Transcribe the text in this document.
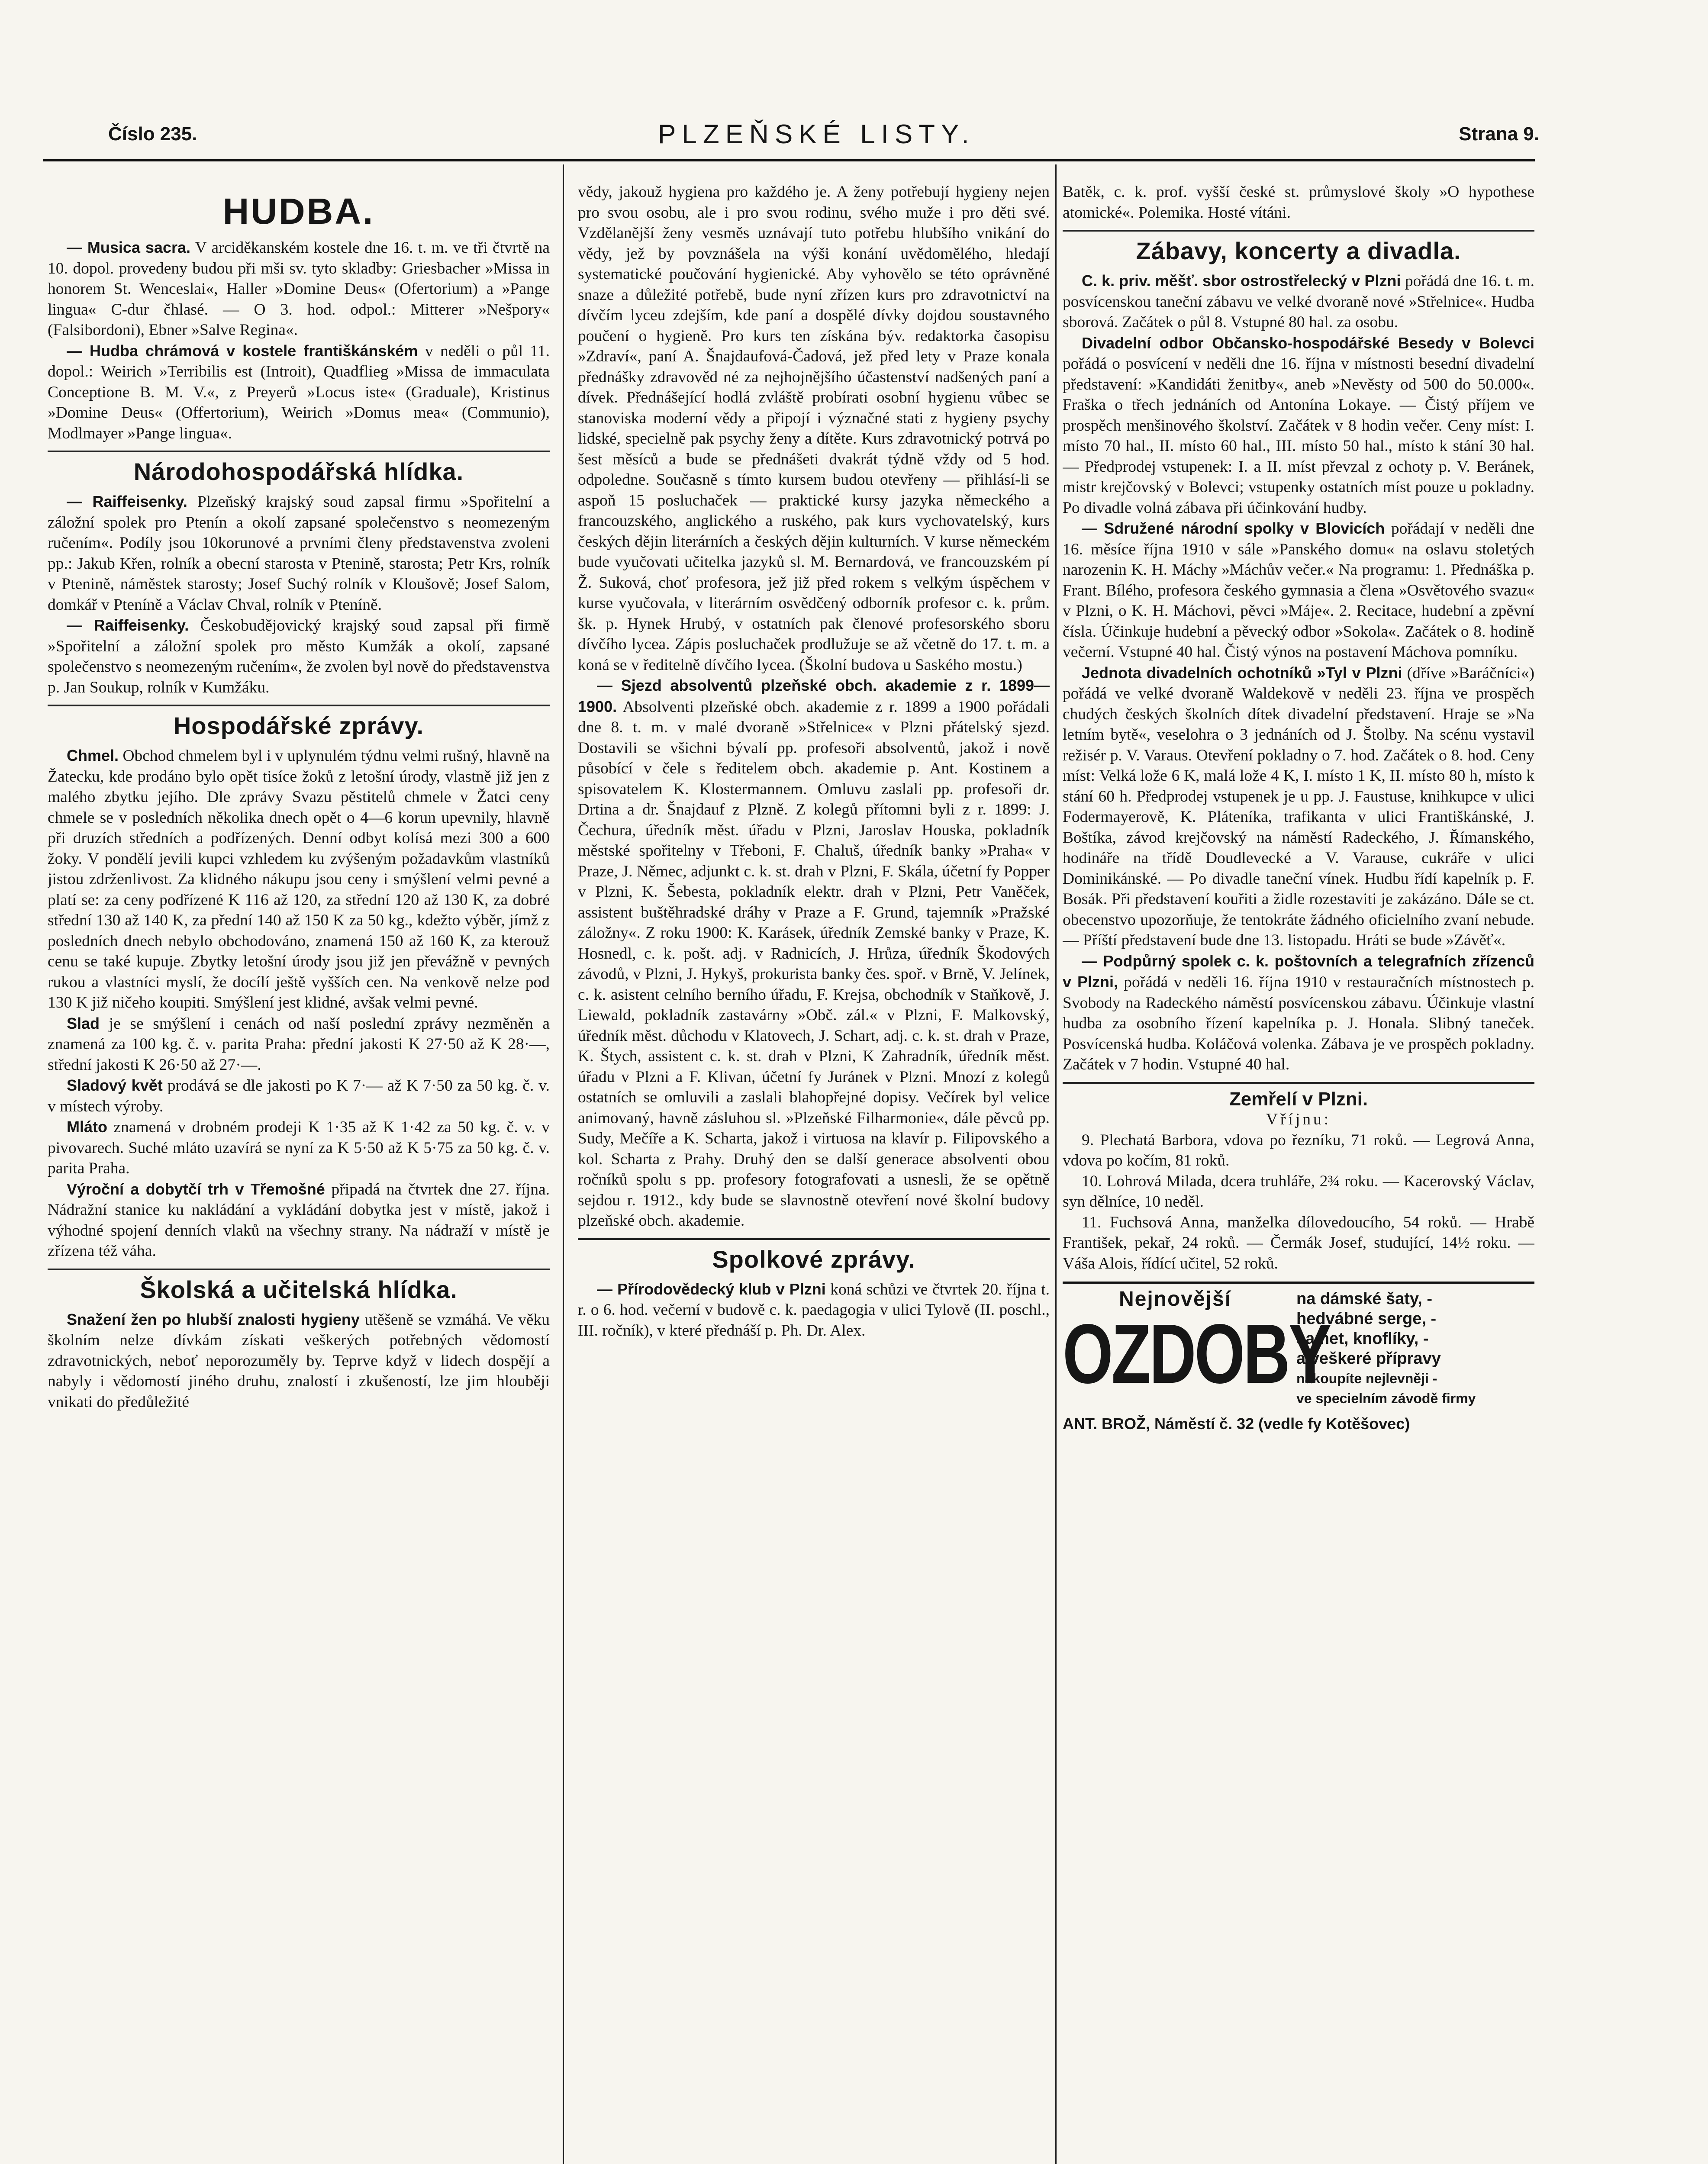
Číslo 235.	PLZEŇSKÉ LISTY.	Strana 9.
HUDBA.

— Musica sacra. V arciděkanském kostele dne 16. t. m. ve tři čtvrtě na 10. dopol. provedeny budou při mši sv. tyto skladby: Griesbacher »Missa in honorem St. Wenceslai«, Haller »Domine Deus« (Ofertorium) a »Pange lingua« C-dur čhlasé. — O 3. hod. odpol.: Mitterer »Nešpory« (Falsibordoni), Ebner »Salve Regina«.

— Hudba chrámová v kostele františkánském v neděli o půl 11. dopol.: Weirich »Terribilis est (Introit), Quadflieg »Missa de immaculata Conceptione B. M. V.«, z Preyerů »Locus iste« (Graduale), Kristinus »Domine Deus« (Offertorium), Weirich »Domus mea« (Communio), Modlmayer »Pange lingua«.

Národohospodářská hlídka.

— Raiffeisenky. Plzeňský krajský soud zapsal firmu »Spořitelní a záložní spolek pro Ptenín a okolí zapsané společenstvo s neomezeným ručením«. Podíly jsou 10korunové a prvními členy představenstva zvoleni pp.: Jakub Křen, rolník a obecní starosta v Ptenině, starosta; Petr Krs, rolník v Ptenině, náměstek starosty; Josef Suchý rolník v Kloušově; Josef Salom, domkář v Pteníně a Václav Chval, rolník v Pteníně.

— Raiffeisenky. Českobudějovický krajský soud zapsal při firmě »Spořitelní a záložní spolek pro město Kumžák a okolí, zapsané společenstvo s neomezeným ručením«, že zvolen byl nově do představenstva p. Jan Soukup, rolník v Kumžáku.

Hospodářské zprávy.

Chmel. Obchod chmelem byl i v uplynulém týdnu velmi rušný, hlavně na Žatecku, kde prodáno bylo opět tisíce žoků z letošní úrody, vlastně již jen z malého zbytku jejího. Dle zprávy Svazu pěstitelů chmele v Žatci ceny chmele se v posledních několika dnech opět o 4—6 korun upevnily, hlavně při druzích středních a podřízených. Denní odbyt kolísá mezi 300 a 600 žoky. V pondělí jevili kupci vzhledem ku zvýšeným požadavkům vlastníků jistou zdrženlivost. Za klidného nákupu jsou ceny i smýšlení velmi pevné a platí se: za ceny podřízené K 116 až 120, za střední 120 až 130 K, za dobré střední 130 až 140 K, za přední 140 až 150 K za 50 kg., kdežto výběr, jímž z posledních dnech nebylo obchodováno, znamená 150 až 160 K, za kterouž cenu se také kupuje. Zbytky letošní úrody jsou již jen převážně v pevných rukou a vlastníci myslí, že docílí ještě vyšších cen. Na venkově nelze pod 130 K již ničeho koupiti. Smýšlení jest klidné, avšak velmi pevné.

Slad je se smýšlení i cenách od naší poslední zprávy nezměněn a znamená za 100 kg. č. v. parita Praha: přední jakosti K 27·50 až K 28·—, střední jakosti K 26·50 až 27·—.

Sladový květ prodává se dle jakosti po K 7·— až K 7·50 za 50 kg. č. v. v místech výroby.

Mláto znamená v drobném prodeji K 1·35 až K 1·42 za 50 kg. č. v. v pivovarech. Suché mláto uzavírá se nyní za K 5·50 až K 5·75 za 50 kg. č. v. parita Praha.

Výroční a dobytčí trh v Třemošné připadá na čtvrtek dne 27. října. Nádražní stanice ku nakládání a vykládání dobytka jest v místě, jakož i výhodné spojení denních vlaků na všechny strany. Na nádraží v místě je zřízena též váha.

Školská a učitelská hlídka.

Snažení žen po hlubší znalosti hygieny utěšeně se vzmáhá. Ve věku školním nelze dívkám získati veškerých potřebných vědomostí zdravotnických, neboť neporozuměly by. Teprve když v lidech dospějí a nabyly i vědomostí jiného druhu, znalostí i zkušeností, lze jim hlouběji vnikati do předůležité

vědy, jakouž hygiena pro každého je. A ženy potřebují hygieny nejen pro svou osobu, ale i pro svou rodinu, svého muže i pro děti své. Vzdělanější ženy vesměs uznávají tuto potřebu hlubšího vnikání do vědy, jež by povznášela na výši konání uvědomělého, hledají systematické poučování hygienické. Aby vyhovělo se této oprávněné snaze a důležité potřebě, bude nyní zřízen kurs pro zdravotnictví na dívčím lyceu zdejším, kde paní a dospělé dívky dojdou soustavného poučení o hygieně. Pro kurs ten získána býv. redaktorka časopisu »Zdraví«, paní A. Šnajdaufová-Čadová, jež před lety v Praze konala přednášky zdravověd né za nejhojnějšího účastenství nadšených paní a dívek. Přednášející hodlá zvláště probírati osobní hygienu vůbec se stanoviska moderní vědy a připojí i význačné stati z hygieny psychy lidské, specielně pak psychy ženy a dítěte. Kurs zdravotnický potrvá po šest měsíců a bude se přednášeti dvakrát týdně vždy od 5 hod. odpoledne. Současně s tímto kursem budou otevřeny — přihlásí-li se aspoň 15 posluchaček — praktické kursy jazyka německého a francouzského, anglického a ruského, pak kurs vychovatelský, kurs českých dějin literárních a českých dějin kulturních. V kurse německém bude vyučovati učitelka jazyků sl. M. Bernardová, ve francouzském pí Ž. Suková, choť profesora, jež již před rokem s velkým úspěchem v kurse vyučovala, v literárním osvědčený odborník profesor c. k. prům. šk. p. Hynek Hrubý, v ostatních pak členové profesorského sboru dívčího lycea. Zápis posluchaček prodlužuje se až včetně do 17. t. m. a koná se v ředitelně dívčího lycea. (Školní budova u Saského mostu.)

— Sjezd absolventů plzeňské obch. akademie z r. 1899—1900. Absolventi plzeňské obch. akademie z r. 1899 a 1900 pořádali dne 8. t. m. v malé dvoraně »Střelnice« v Plzni přátelský sjezd. Dostavili se všichni bývalí pp. profesoři absolventů, jakož i nově působící v čele s ředitelem obch. akademie p. Ant. Kostinem a spisovatelem K. Klostermannem. Omluvu zaslali pp. profesoři dr. Drtina a dr. Šnajdauf z Plzně. Z kolegů přítomni byli z r. 1899: J. Čechura, úředník měst. úřadu v Plzni, Jaroslav Houska, pokladník městské spořitelny v Třeboni, F. Chaluš, úředník banky »Praha« v Praze, J. Němec, adjunkt c. k. st. drah v Plzni, F. Skála, účetní fy Popper v Plzni, K. Šebesta, pokladník elektr. drah v Plzni, Petr Vaněček, assistent buštěhradské dráhy v Praze a F. Grund, tajemník »Pražské záložny«. Z roku 1900: K. Karásek, úředník Zemské banky v Praze, K. Hosnedl, c. k. pošt. adj. v Radnicích, J. Hrůza, úředník Škodových závodů, v Plzni, J. Hykyš, prokurista banky čes. spoř. v Brně, V. Jelínek, c. k. asistent celního berního úřadu, F. Krejsa, obchodník v Staňkově, J. Liewald, pokladník zastavárny »Obč. zál.« v Plzni, F. Malkovský, úředník měst. důchodu v Klatovech, J. Schart, adj. c. k. st. drah v Praze, K. Štych, assistent c. k. st. drah v Plzni, K Zahradník, úředník měst. úřadu v Plzni a F. Klivan, účetní fy Juránek v Plzni. Mnozí z kolegů ostatních se omluvili a zaslali blahopřejné dopisy. Večírek byl velice animovaný, havně zásluhou sl. »Plzeňské Filharmonie«, dále pěvců pp. Sudy, Mečíře a K. Scharta, jakož i virtuosa na klavír p. Filipovského a kol. Scharta z Prahy. Druhý den se další generace absolventi obou ročníků spolu s pp. profesory fotografovati a usnesli, že se opětně sejdou r. 1912., kdy bude se slavnostně otevření nové školní budovy plzeňské obch. akademie.

Spolkové zprávy.

— Přírodovědecký klub v Plzni koná schůzi ve čtvrtek 20. října t. r. o 6. hod. večerní v budově c. k. paedagogia v ulici Tylově (II. poschl., III. ročník), v které přednáší p. Ph. Dr. Alex.

Batěk, c. k. prof. vyšší české st. průmyslové školy »O hypothese atomické«. Polemika. Hosté vítáni.

Zábavy, koncerty a divadla.

C. k. priv. měšť. sbor ostrostřelecký v Plzni pořádá dne 16. t. m. posvícenskou taneční zábavu ve velké dvoraně nové »Střelnice«. Hudba sborová. Začátek o půl 8. Vstupné 80 hal. za osobu.

Divadelní odbor Občansko-hospodářské Besedy v Bolevci pořádá o posvícení v neděli dne 16. října v místnosti besední divadelní představení: »Kandidáti ženitby«, aneb »Nevěsty od 500 do 50.000«. Fraška o třech jednáních od Antonína Lokaye. — Čistý příjem ve prospěch menšinového školství. Začátek v 8 hodin večer. Ceny míst: I. místo 70 hal., II. místo 60 hal., III. místo 50 hal., místo k stání 30 hal. — Předprodej vstupenek: I. a II. míst převzal z ochoty p. V. Beránek, mistr krejčovský v Bolevci; vstupenky ostatních míst pouze u pokladny. Po divadle volná zábava při účinkování hudby.

— Sdružené národní spolky v Blovicích pořádají v neděli dne 16. měsíce října 1910 v sále »Panského domu« na oslavu stoletých narozenin K. H. Máchy »Máchův večer.« Na programu: 1. Přednáška p. Frant. Bílého, profesora českého gymnasia a člena »Osvětového svazu« v Plzni, o K. H. Máchovi, pěvci »Máje«. 2. Recitace, hudební a zpěvní čísla. Účinkuje hudební a pěvecký odbor »Sokola«. Začátek o 8. hodině večerní. Vstupné 40 hal. Čistý výnos na postavení Máchova pomníku.

Jednota divadelních ochotníků »Tyl v Plzni (dříve »Baráčníci«) pořádá ve velké dvoraně Waldekově v neděli 23. října ve prospěch chudých českých školních dítek divadelní představení. Hraje se »Na letním bytě«, veselohra o 3 jednáních od J. Štolby. Na scénu vystavil režisér p. V. Varaus. Otevření pokladny o 7. hod. Začátek o 8. hod. Ceny míst: Velká lože 6 K, malá lože 4 K, I. místo 1 K, II. místo 80 h, místo k stání 60 h. Předprodej vstupenek je u pp. J. Faustuse, knihkupce v ulici Fodermayerově, K. Pláteníka, trafikanta v ulici Františkánské, J. Boštíka, závod krejčovský na náměstí Radeckého, J. Římanského, hodináře na třídě Doudlevecké a V. Varause, cukráře v ulici Dominikánské. — Po divadle taneční vínek. Hudbu řídí kapelník p. F. Bosák. Při představení kouřiti a židle rozestaviti je zakázáno. Dále se ct. obecenstvo upozorňuje, že tentokráte žádného oficielního zvaní nebude. — Příští představení bude dne 13. listopadu. Hráti se bude »Závěť«.

— Podpůrný spolek c. k. poštovních a telegrafních zřízenců v Plzni, pořádá v neděli 16. října 1910 v restauračních místnostech p. Svobody na Radeckého náměstí posvícenskou zábavu. Účinkuje vlastní hudba za osobního řízení kapelníka p. J. Honala. Slibný taneček. Posvícenská hudba. Koláčová volenka. Zábava je ve prospěch pokladny. Začátek v 7 hodin. Vstupné 40 hal.

Zemřelí v Plzni.

Vříjnu:

9. Plechatá Barbora, vdova po řezníku, 71 roků. — Legrová Anna, vdova po kočím, 81 roků.

10. Lohrová Milada, dcera truhláře, 2¾ roku. — Kacerovský Václav, syn dělníce, 10 neděl.

11. Fuchsová Anna, manželka dílovedoucího, 54 roků. — Hrabě František, pekař, 24 roků. — Čermák Josef, studující, 14½ roku. — Váša Alois, řídící učitel, 52 roků.

Nejnovější
OZDOBY
na dámské šaty, -
hedvábné serge, -
samet, knoflíky, -
a veškeré přípravy
nakoupíte nejlevněji -
ve specielním závodě firmy
ANT. BROŽ, Náměstí č. 32 (vedle fy Kotěšovec)
